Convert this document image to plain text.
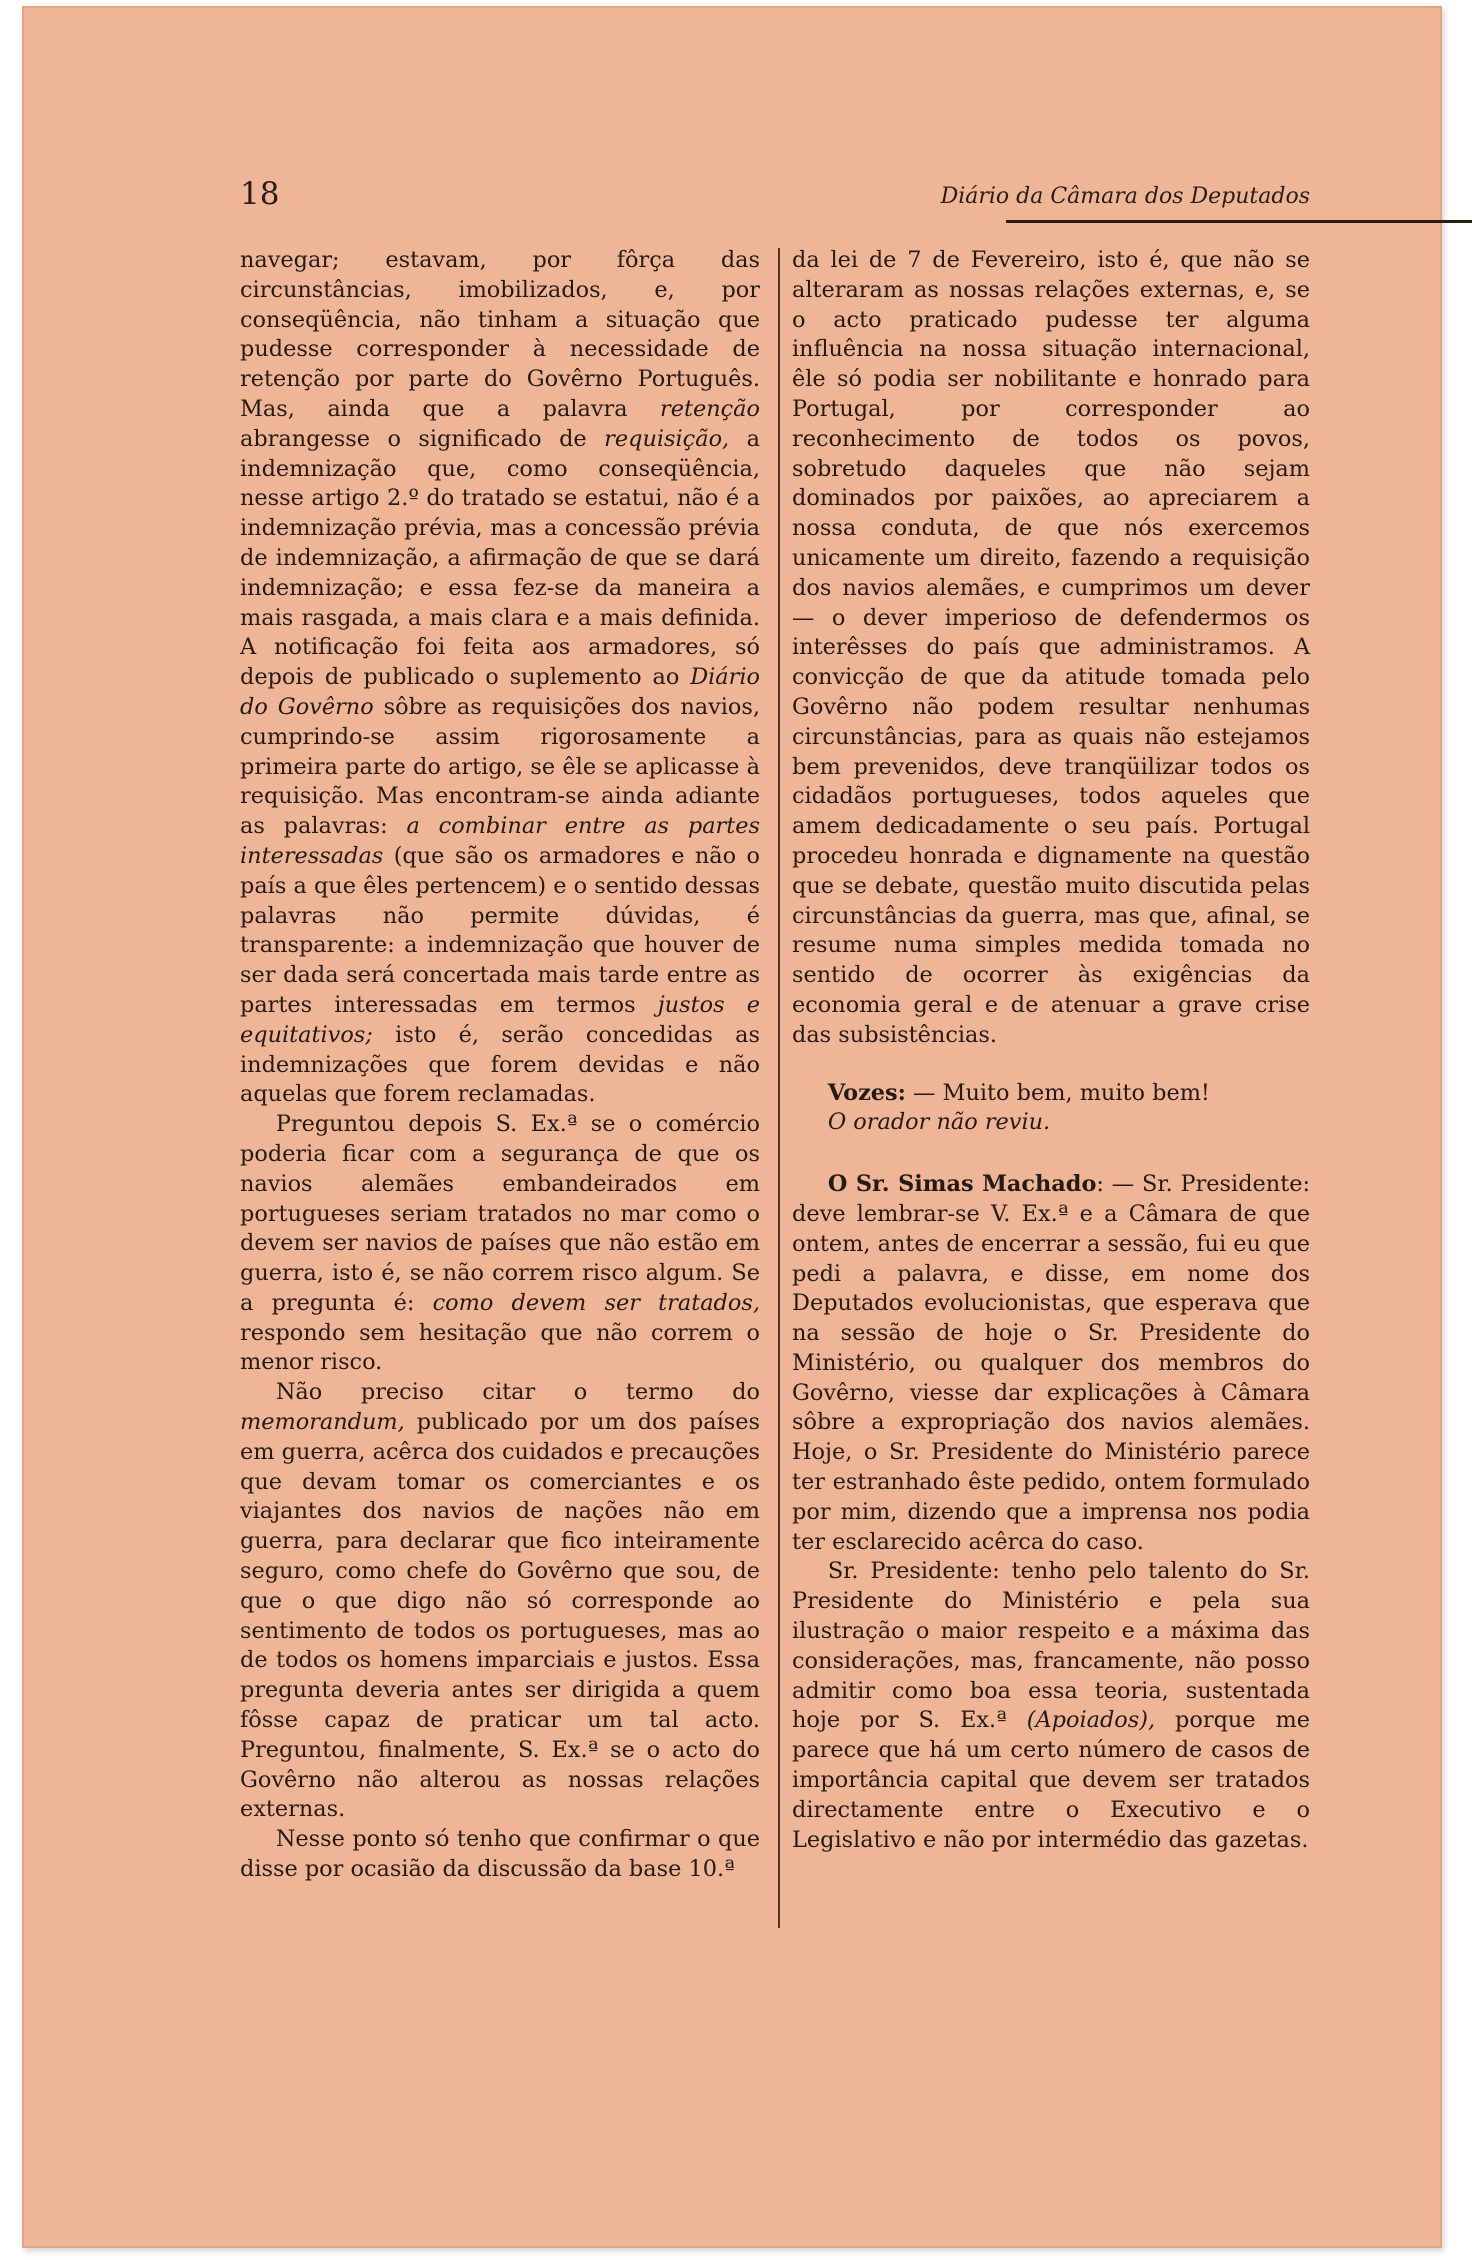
18	Diário da Câmara dos Deputados

navegar; estavam, por fôrça das circunstâncias, imobilizados, e, por conseqüência, não tinham a situação que pudesse corresponder à necessidade de retenção por parte do Govêrno Português. Mas, ainda que a palavra retenção abrangesse o significado de requisição, a indemnização que, como conseqüência, nesse artigo 2.º do tratado se estatui, não é a indemnização prévia, mas a concessão prévia de indemnização, a afirmação de que se dará indemnização; e essa fez-se da maneira a mais rasgada, a mais clara e a mais definida. A notificação foi feita aos armadores, só depois de publicado o suplemento ao Diário do Govêrno sôbre as requisições dos navios, cumprindo-se assim rigorosamente a primeira parte do artigo, se êle se aplicasse à requisição. Mas encontram-se ainda adiante as palavras: a combinar entre as partes interessadas (que são os armadores e não o país a que êles pertencem) e o sentido dessas palavras não permite dúvidas, é transparente: a indemnização que houver de ser dada será concertada mais tarde entre as partes interessadas em termos justos e equitativos; isto é, serão concedidas as indemnizações que forem devidas e não aquelas que forem reclamadas.

Preguntou depois S. Ex.ª se o comércio poderia ficar com a segurança de que os navios alemães embandeirados em portugueses seriam tratados no mar como o devem ser navios de países que não estão em guerra, isto é, se não correm risco algum. Se a pregunta é: como devem ser tratados, respondo sem hesitação que não correm o menor risco.

Não preciso citar o termo do memorandum, publicado por um dos países em guerra, acêrca dos cuidados e precauções que devam tomar os comerciantes e os viajantes dos navios de nações não em guerra, para declarar que fico inteiramente seguro, como chefe do Govêrno que sou, de que o que digo não só corresponde ao sentimento de todos os portugueses, mas ao de todos os homens imparciais e justos. Essa pregunta deveria antes ser dirigida a quem fôsse capaz de praticar um tal acto. Preguntou, finalmente, S. Ex.ª se o acto do Govêrno não alterou as nossas relações externas.

Nesse ponto só tenho que confirmar o que disse por ocasião da discussão da base 10.ª

da lei de 7 de Fevereiro, isto é, que não se alteraram as nossas relações externas, e, se o acto praticado pudesse ter alguma influência na nossa situação internacional, êle só podia ser nobilitante e honrado para Portugal, por corresponder ao reconhecimento de todos os povos, sobretudo daqueles que não sejam dominados por paixões, ao apreciarem a nossa conduta, de que nós exercemos unicamente um direito, fazendo a requisição dos navios alemães, e cumprimos um dever — o dever imperioso de defendermos os interêsses do país que administramos. A convicção de que da atitude tomada pelo Govêrno não podem resultar nenhumas circunstâncias, para as quais não estejamos bem prevenidos, deve tranqüilizar todos os cidadãos portugueses, todos aqueles que amem dedicadamente o seu país. Portugal procedeu honrada e dignamente na questão que se debate, questão muito discutida pelas circunstâncias da guerra, mas que, afinal, se resume numa simples medida tomada no sentido de ocorrer às exigências da economia geral e de atenuar a grave crise das subsistências.

Vozes: — Muito bem, muito bem!

O orador não reviu.

O Sr. Simas Machado: — Sr. Presidente: deve lembrar-se V. Ex.ª e a Câmara de que ontem, antes de encerrar a sessão, fui eu que pedi a palavra, e disse, em nome dos Deputados evolucionistas, que esperava que na sessão de hoje o Sr. Presidente do Ministério, ou qualquer dos membros do Govêrno, viesse dar explicações à Câmara sôbre a expropriação dos navios alemães. Hoje, o Sr. Presidente do Ministério parece ter estranhado êste pedido, ontem formulado por mim, dizendo que a imprensa nos podia ter esclarecido acêrca do caso.

Sr. Presidente: tenho pelo talento do Sr. Presidente do Ministério e pela sua ilustração o maior respeito e a máxima das considerações, mas, francamente, não posso admitir como boa essa teoria, sustentada hoje por S. Ex.ª (Apoiados), porque me parece que há um certo número de casos de importância capital que devem ser tratados directamente entre o Executivo e o Legislativo e não por intermédio das gazetas.
